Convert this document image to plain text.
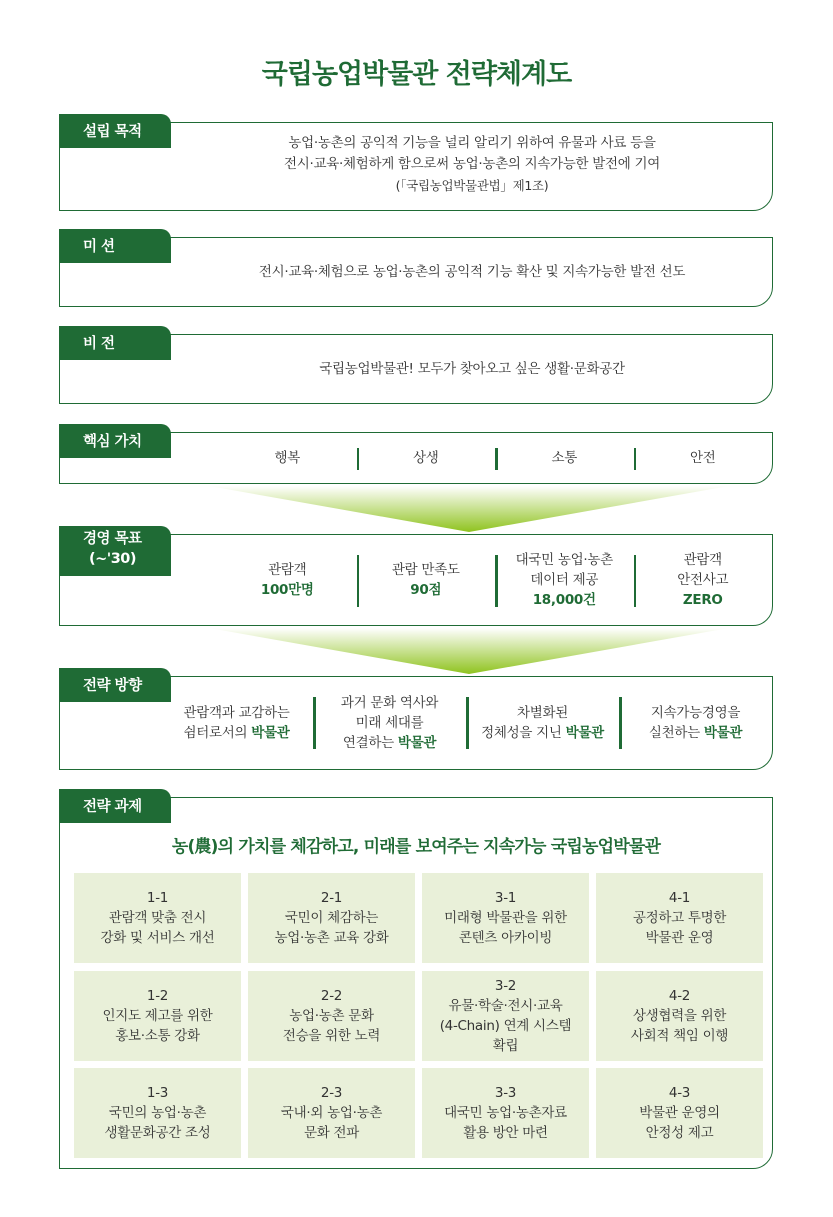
국립농업박물관 전략체계도
설립 목적
농업·농촌의 공익적 기능을 널리 알리기 위하여 유물과 사료 등을
전시·교육·체험하게 함으로써 농업·농촌의 지속가능한 발전에 기여
(「국립농업박물관법」제1조)
미 션
전시·교육·체험으로 농업·농촌의 공익적 기능 확산 및 지속가능한 발전 선도
비 전
국립농업박물관! 모두가 찾아오고 싶은 생활·문화공간
핵심 가치
행복	상생	소통	안전
경영 목표
(~'30)
관람객
100만명
관람 만족도
90점
대국민 농업·농촌
데이터 제공
18,000건
관람객
안전사고
ZERO
전략 방향
관람객과 교감하는
쉼터로서의 박물관
과거 문화 역사와
미래 세대를
연결하는 박물관
차별화된
정체성을 지닌 박물관
지속가능경영을
실천하는 박물관
전략 과제
농(農)의 가치를 체감하고, 미래를 보여주는 지속가능 국립농업박물관
1-1
관람객 맞춤 전시
강화 및 서비스 개선
2-1
국민이 체감하는
농업·농촌 교육 강화
3-1
미래형 박물관을 위한
콘텐츠 아카이빙
4-1
공정하고 투명한
박물관 운영
1-2
인지도 제고를 위한
홍보·소통 강화
2-2
농업·농촌 문화
전승을 위한 노력
3-2
유물·학술·전시·교육
(4-Chain) 연계 시스템
확립
4-2
상생협력을 위한
사회적 책임 이행
1-3
국민의 농업·농촌
생활문화공간 조성
2-3
국내·외 농업·농촌
문화 전파
3-3
대국민 농업·농촌자료
활용 방안 마련
4-3
박물관 운영의
안정성 제고
